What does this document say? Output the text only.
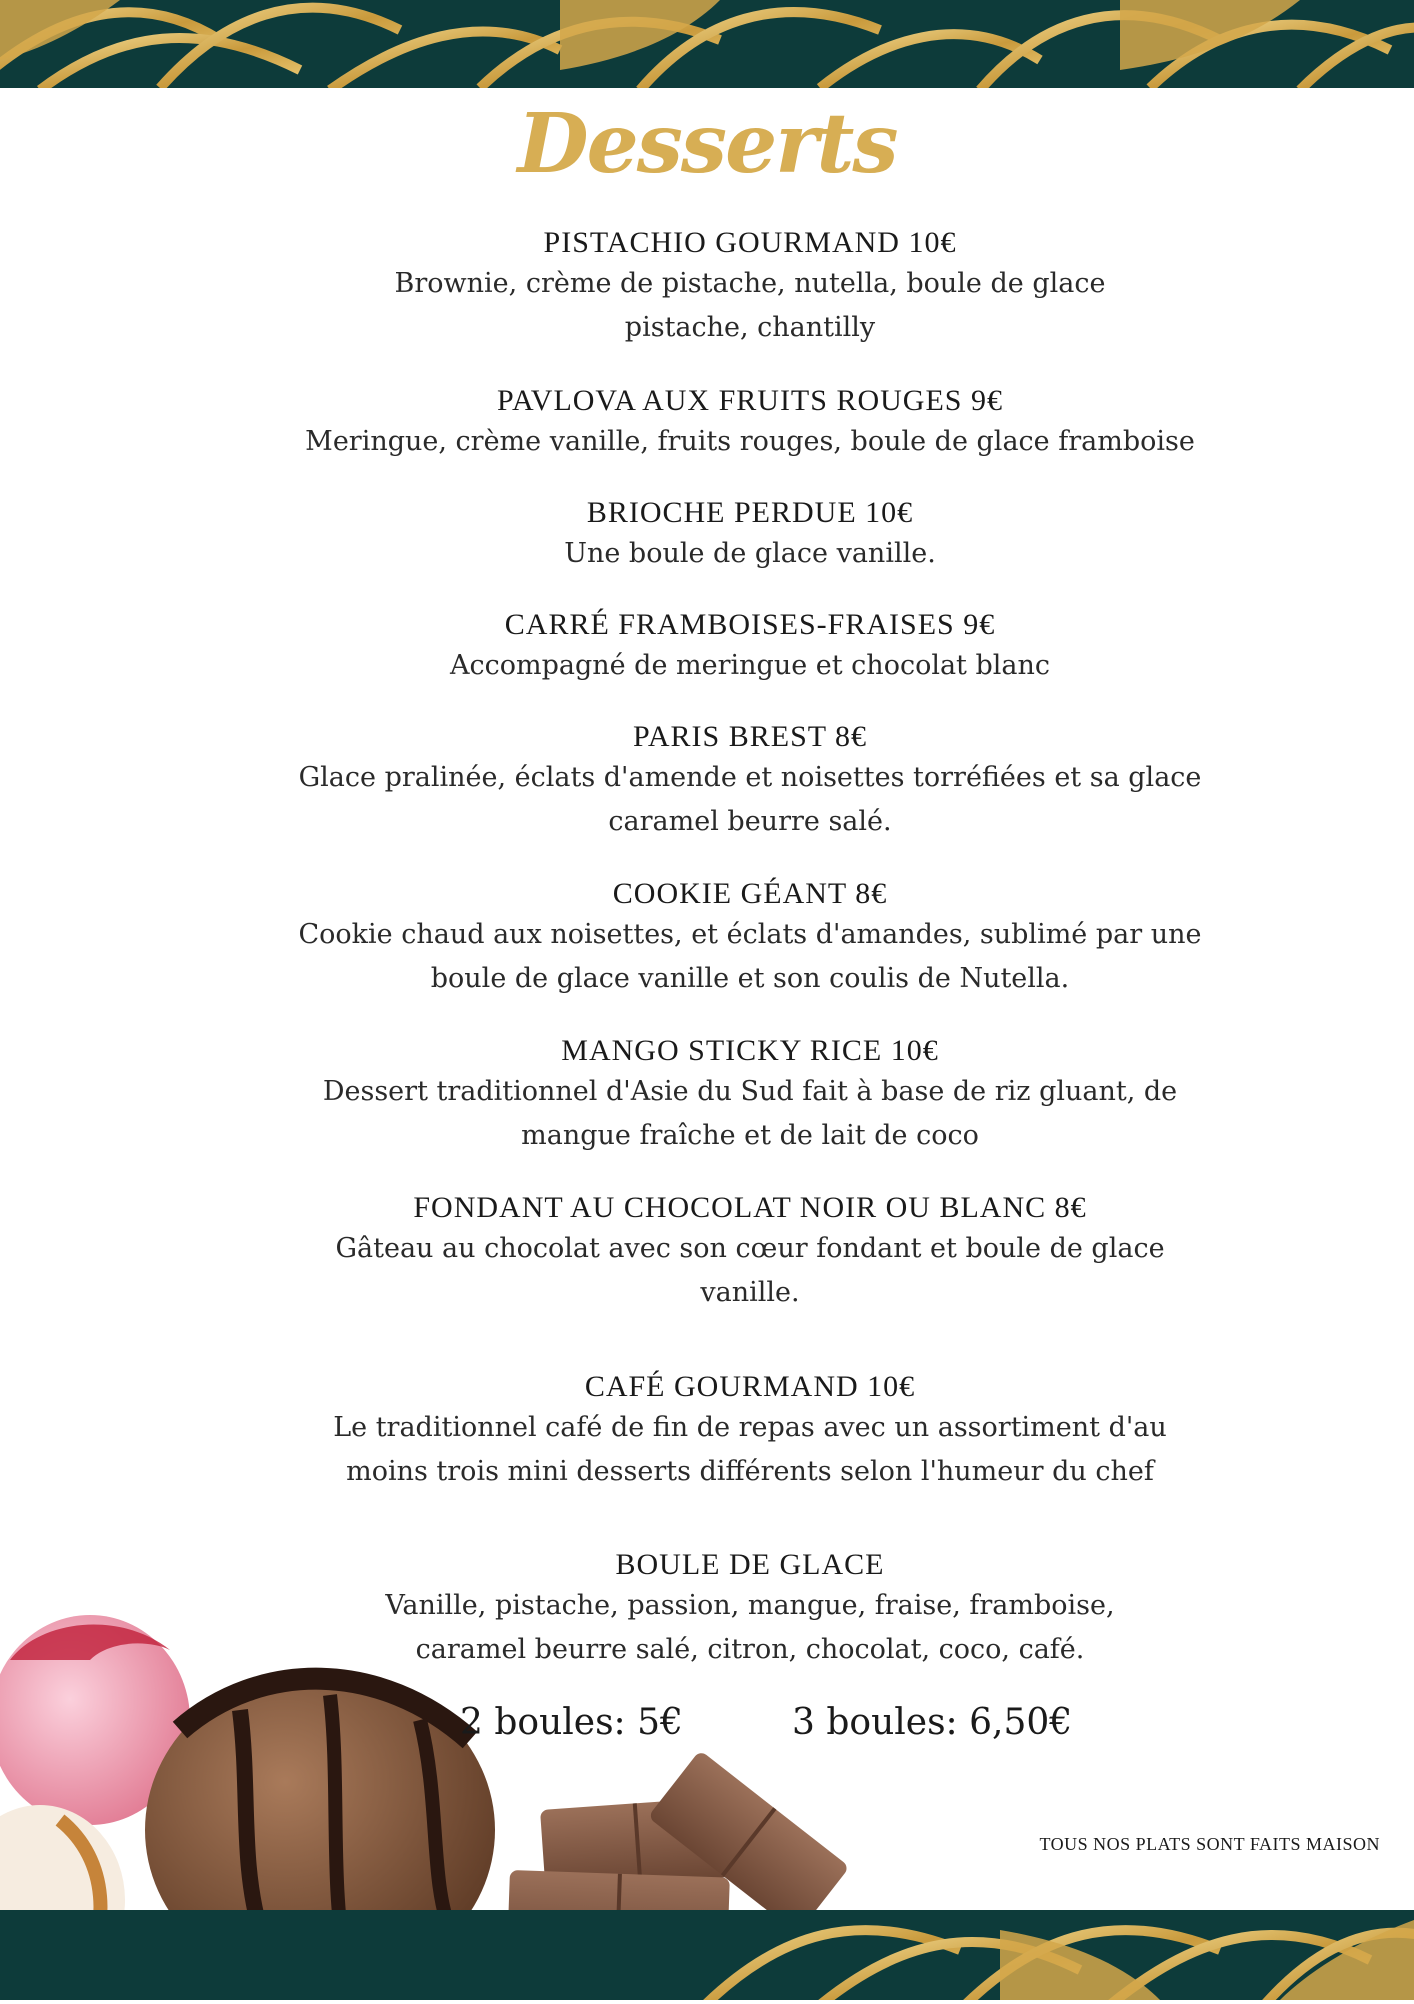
Desserts
PISTACHIO GOURMAND 10€
Brownie, crème de pistache, nutella, boule de glace pistache, chantilly
PAVLOVA AUX FRUITS ROUGES 9€
Meringue, crème vanille, fruits rouges, boule de glace framboise
BRIOCHE PERDUE 10€
Une boule de glace vanille.
CARRÉ FRAMBOISES-FRAISES 9€
Accompagné de meringue et chocolat blanc
PARIS BREST 8€
Glace pralinée, éclats d'amende et noisettes torréfiées et sa glace caramel beurre salé.
COOKIE GÉANT 8€
Cookie chaud aux noisettes, et éclats d'amandes, sublimé par une boule de glace vanille et son coulis de Nutella.
MANGO STICKY RICE 10€
Dessert traditionnel d'Asie du Sud fait à base de riz gluant, de mangue fraîche et de lait de coco
FONDANT AU CHOCOLAT NOIR OU BLANC 8€
Gâteau au chocolat avec son cœur fondant et boule de glace vanille.
CAFÉ GOURMAND 10€
Le traditionnel café de fin de repas avec un assortiment d'au moins trois mini desserts différents selon l'humeur du chef
BOULE DE GLACE
Vanille, pistache, passion, mangue, fraise, framboise, caramel beurre salé, citron, chocolat, coco, café.
2 boules: 5€	3 boules: 6,50€
TOUS NOS PLATS SONT FAITS MAISON
